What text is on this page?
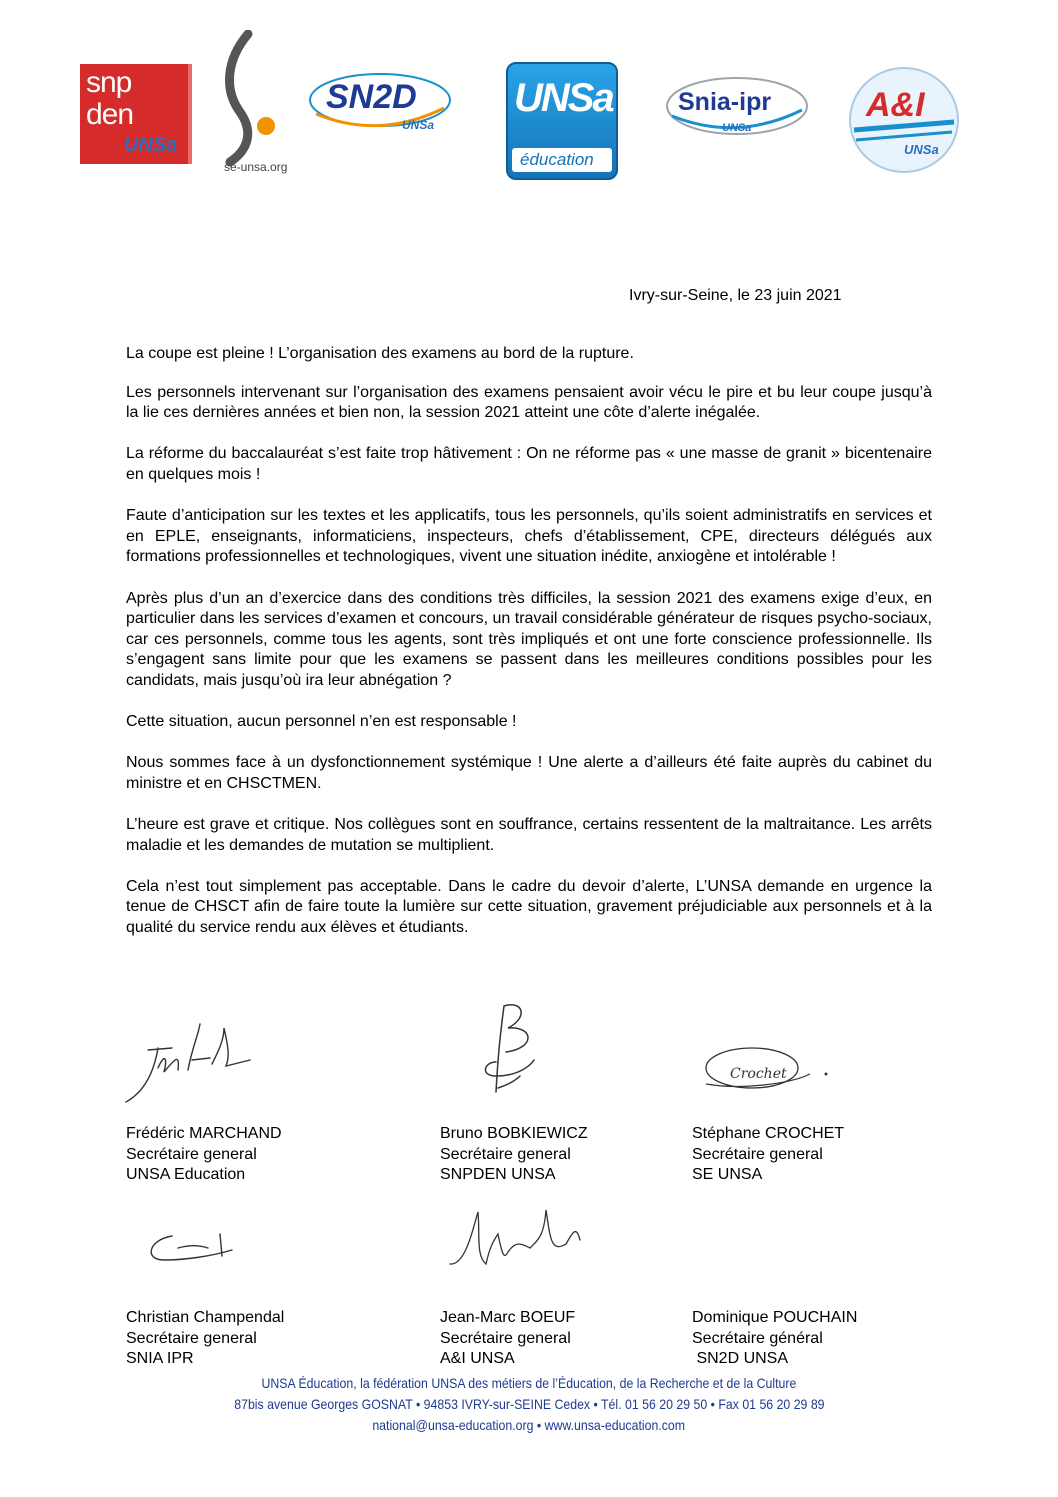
snp
den
UNSa
se-unsa.org
SN2D
UNSa
UNSa
éducation
Snia-ipr
UNSa
A&I
UNSa
Ivry-sur-Seine, le 23 juin 2021

La coupe est pleine ! L’organisation des examens au bord de la rupture.

Les personnels intervenant sur l’organisation des examens pensaient avoir vécu le pire et bu leur coupe jusqu’à la lie ces dernières années et bien non, la session 2021 atteint une côte d’alerte inégalée.

La réforme du baccalauréat s’est faite trop hâtivement : On ne réforme pas « une masse de granit » bicentenaire en quelques mois !

Faute d’anticipation sur les textes et les applicatifs, tous les personnels, qu’ils soient administratifs en services et en EPLE, enseignants, informaticiens, inspecteurs, chefs d’établissement, CPE, directeurs délégués aux formations professionnelles et technologiques, vivent une situation inédite, anxiogène et intolérable !

Après plus d’un an d’exercice dans des conditions très difficiles, la session 2021 des examens exige d’eux, en particulier dans les services d’examen et concours, un travail considérable générateur de risques psycho-sociaux, car ces personnels, comme tous les agents, sont très impliqués et ont une forte conscience professionnelle. Ils s’engagent sans limite pour que les examens se passent dans les meilleures conditions possibles pour les candidats, mais jusqu’où ira leur abnégation ?

Cette situation, aucun personnel n’en est responsable !

Nous sommes face à un dysfonctionnement systémique ! Une alerte a d’ailleurs été faite auprès du cabinet du ministre et en CHSCTMEN.

L’heure est grave et critique. Nos collègues sont en souffrance, certains ressentent de la maltraitance. Les arrêts maladie et les demandes de mutation se multiplient.

Cela n’est tout simplement pas acceptable. Dans le cadre du devoir d’alerte, L’UNSA demande en urgence la tenue de CHSCT afin de faire toute la lumière sur cette situation, gravement préjudiciable aux personnels et à la qualité du service rendu aux élèves et étudiants.

Crochet
Frédéric MARCHAND
Secrétaire general
UNSA Education
Bruno BOBKIEWICZ
Secrétaire general
SNPDEN UNSA
Stéphane CROCHET
Secrétaire general
SE UNSA
Christian Champendal
Secrétaire general
SNIA IPR
Jean-Marc BOEUF
Secrétaire general
A&I UNSA
Dominique POUCHAIN
Secrétaire général
SN2D UNSA
UNSA Éducation, la fédération UNSA des métiers de l’Éducation, de la Recherche et de la Culture
87bis avenue Georges GOSNAT • 94853 IVRY-sur-SEINE Cedex • Tél. 01 56 20 29 50 • Fax 01 56 20 29 89
national@unsa-education.org • www.unsa-education.com
